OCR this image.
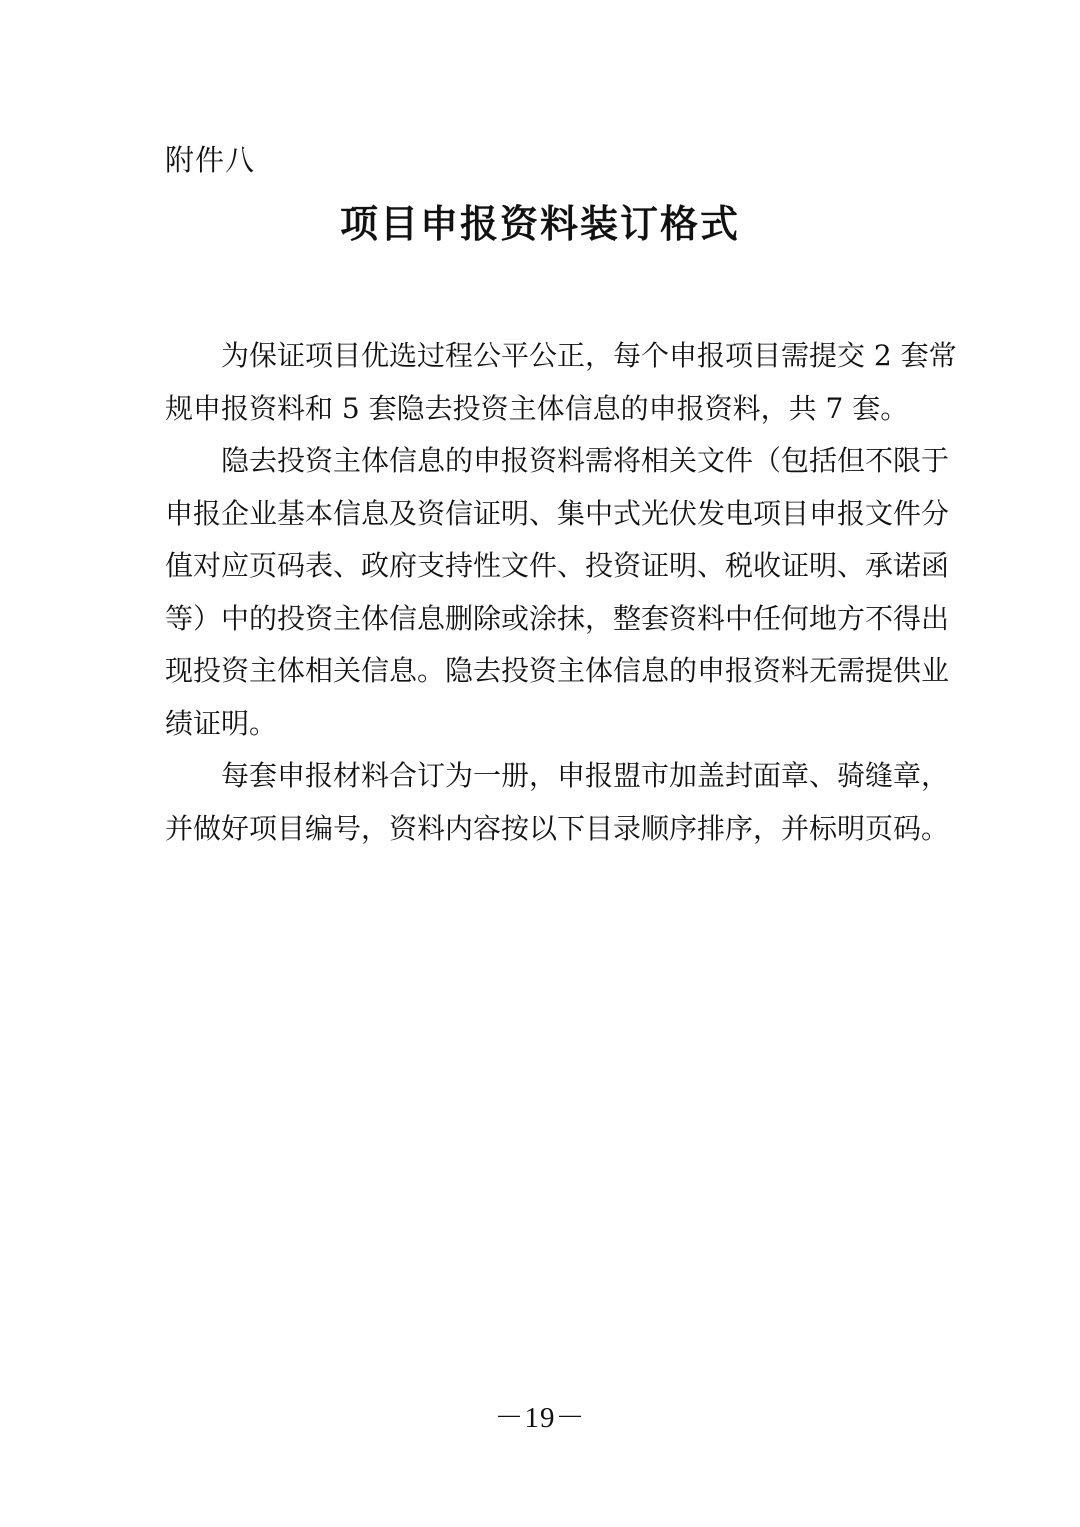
附件八
项目申报资料装订格式

为保证项目优选过程公平公正，每个申报项目需提交 2 套常
规申报资料和 5 套隐去投资主体信息的申报资料，共 7 套。

隐去投资主体信息的申报资料需将相关文件（包括但不限于
申报企业基本信息及资信证明、集中式光伏发电项目申报文件分
值对应页码表、政府支持性文件、投资证明、税收证明、承诺函
等）中的投资主体信息删除或涂抹，整套资料中任何地方不得出
现投资主体相关信息。隐去投资主体信息的申报资料无需提供业
绩证明。

每套申报材料合订为一册，申报盟市加盖封面章、骑缝章，
并做好项目编号，资料内容按以下目录顺序排序，并标明页码。

－19－
